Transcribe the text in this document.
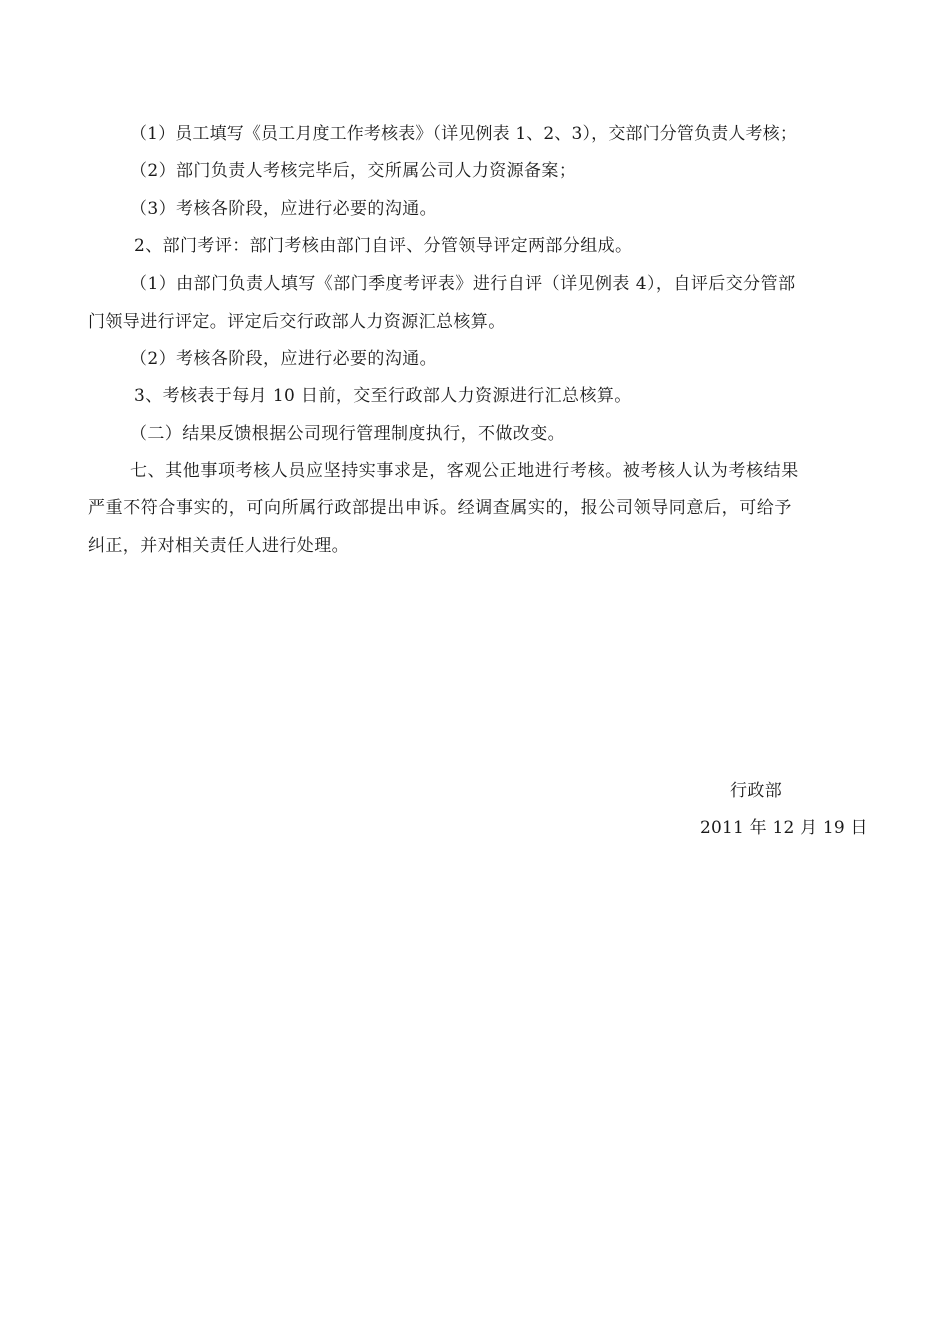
（1）员工填写《员工月度工作考核表》（详见例表 1、2、3），交部门分管负责人考核；
（2）部门负责人考核完毕后，交所属公司人力资源备案；
（3）考核各阶段，应进行必要的沟通。
2、部门考评：部门考核由部门自评、分管领导评定两部分组成。
（1）由部门负责人填写《部门季度考评表》进行自评（详见例表 4），自评后交分管部
门领导进行评定。评定后交行政部人力资源汇总核算。
（2）考核各阶段，应进行必要的沟通。
3、考核表于每月 10 日前，交至行政部人力资源进行汇总核算。
（二）结果反馈根据公司现行管理制度执行，不做改变。
七、其他事项考核人员应坚持实事求是，客观公正地进行考核。被考核人认为考核结果
严重不符合事实的，可向所属行政部提出申诉。经调查属实的，报公司领导同意后，可给予
纠正，并对相关责任人进行处理。
行政部
2011 年 12 月 19 日
